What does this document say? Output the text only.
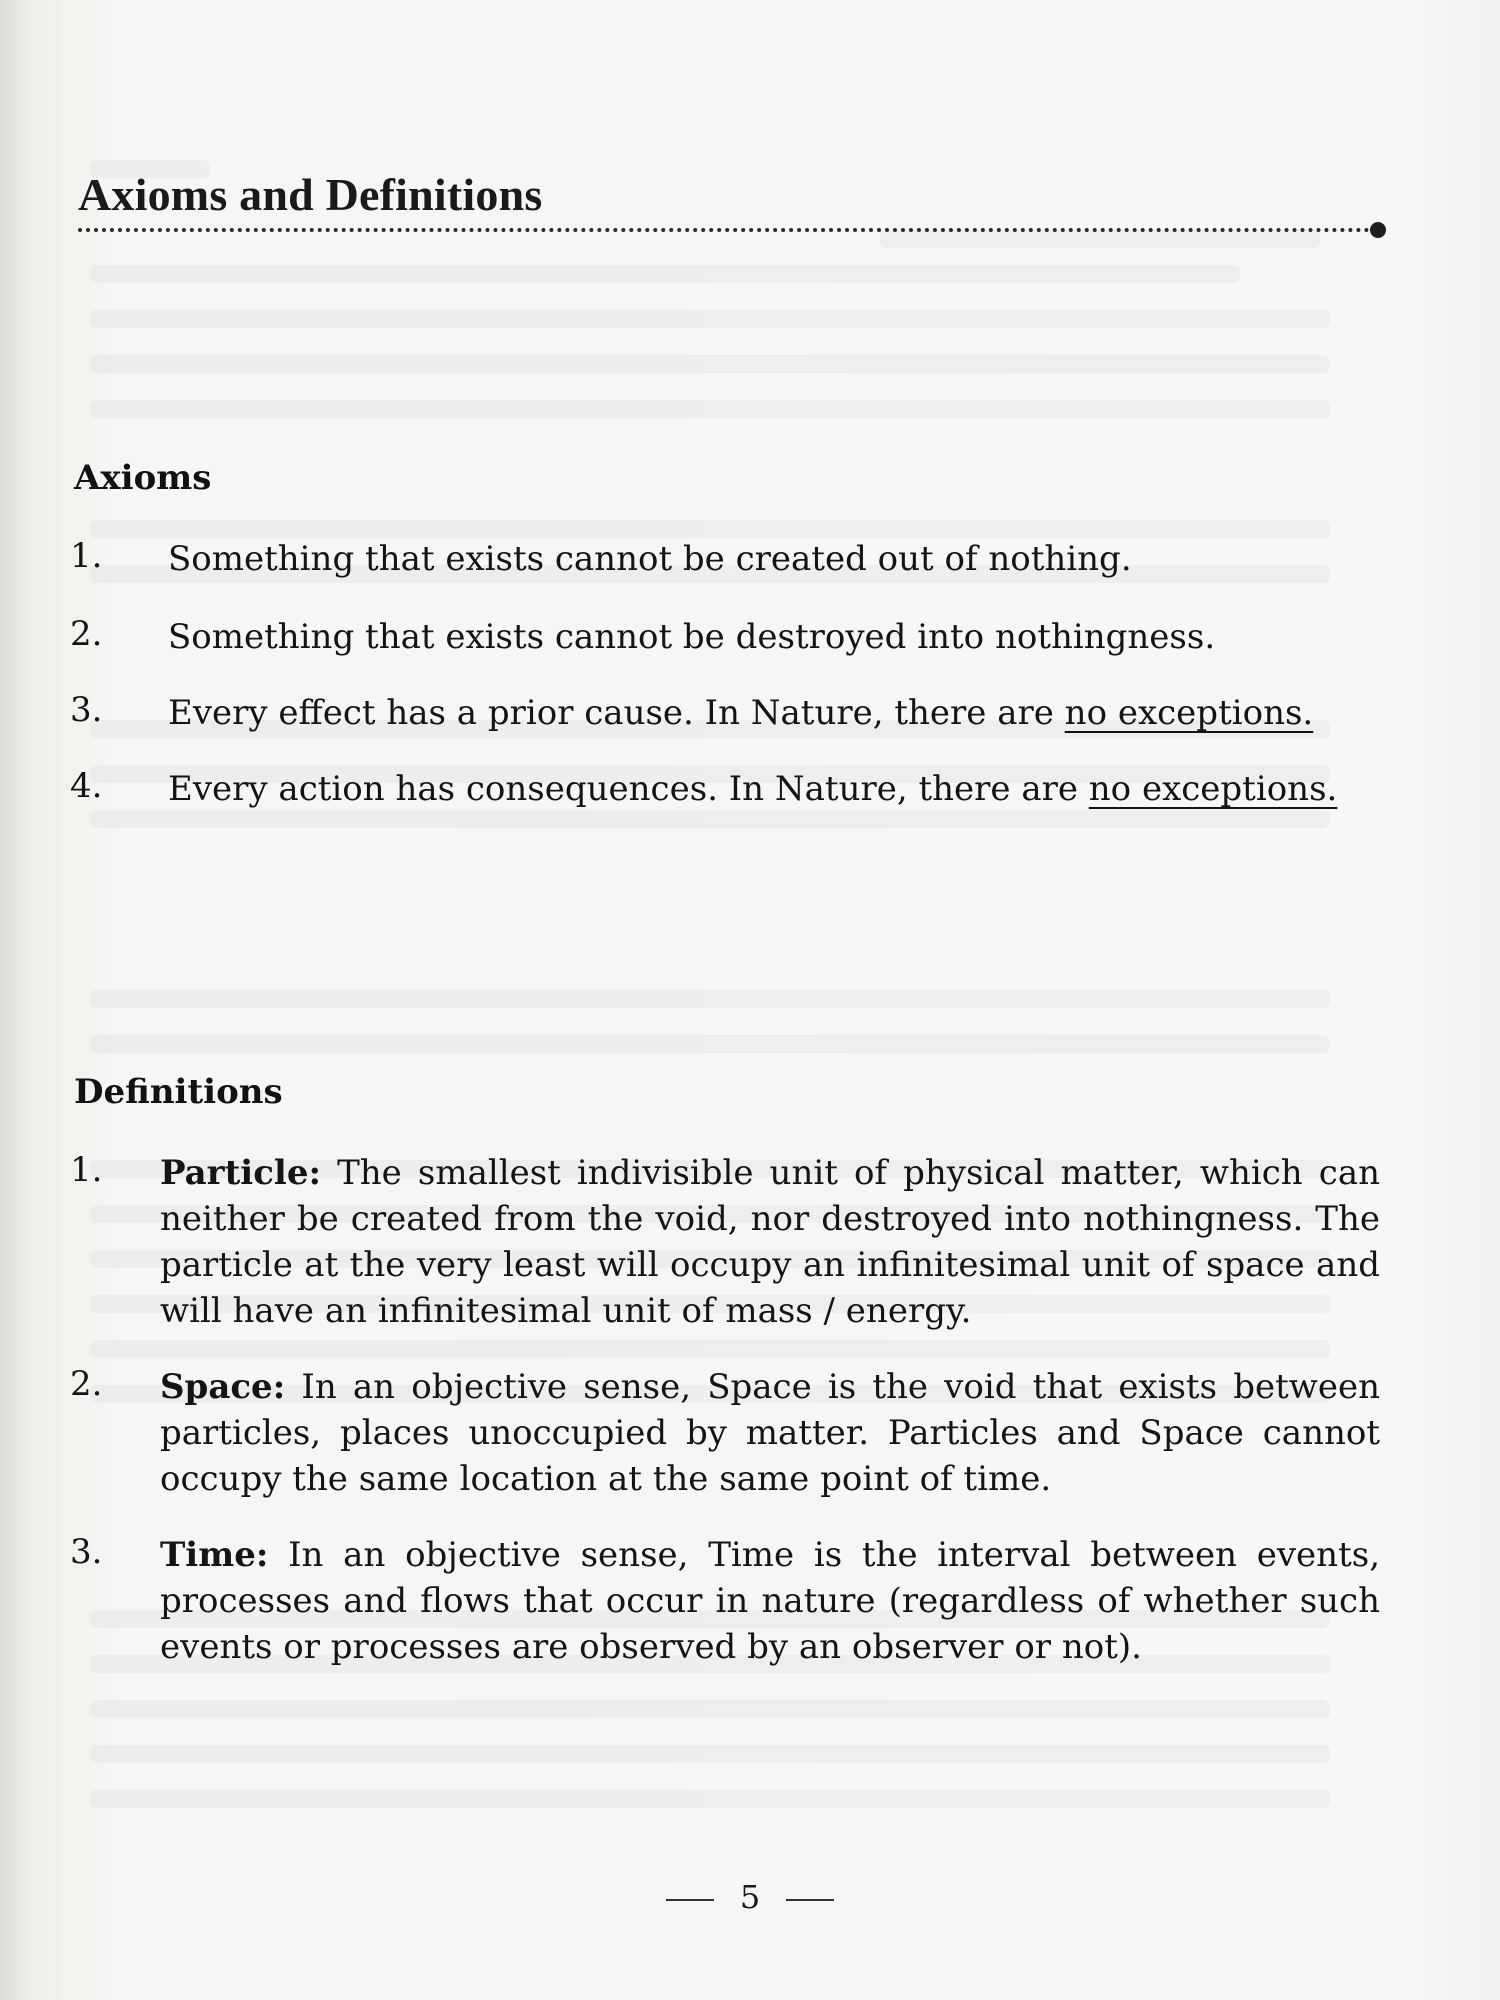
Axioms and Definitions
Axioms
1. Something that exists cannot be created out of nothing.
2. Something that exists cannot be destroyed into nothingness.
3. Every effect has a prior cause. In Nature, there are no exceptions.
4. Every action has consequences. In Nature, there are no exceptions.
Definitions
1. Particle: The smallest indivisible unit of physical matter, which can neither be created from the void, nor destroyed into nothingness. The particle at the very least will occupy an infinitesimal unit of space and will have an infinitesimal unit of mass / energy.
2. Space: In an objective sense, Space is the void that exists between particles, places unoccupied by matter. Particles and Space cannot occupy the same location at the same point of time.
3. Time: In an objective sense, Time is the interval between events, processes and flows that occur in nature (regardless of whether such events or processes are observed by an observer or not).
5
